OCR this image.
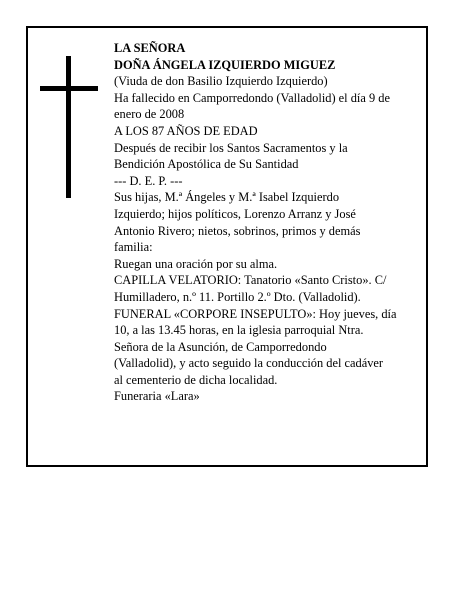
LA SEÑORA
DOÑA ÁNGELA IZQUIERDO MIGUEZ
(Viuda de don Basilio Izquierdo Izquierdo)
Ha fallecido en Camporredondo (Valladolid) el día 9 de
enero de 2008
A LOS 87 AÑOS DE EDAD
Después de recibir los Santos Sacramentos y la
Bendición Apostólica de Su Santidad
--- D. E. P. ---
Sus hijas, M.ª Ángeles y M.ª Isabel Izquierdo
Izquierdo; hijos políticos, Lorenzo Arranz y José
Antonio Rivero; nietos, sobrinos, primos y demás
familia:
Ruegan una oración por su alma.
CAPILLA VELATORIO: Tanatorio «Santo Cristo». C/
Humilladero, n.º 11. Portillo 2.º Dto. (Valladolid).
FUNERAL «CORPORE INSEPULTO»: Hoy jueves, día
10, a las 13.45 horas, en la iglesia parroquial Ntra.
Señora de la Asunción, de Camporredondo
(Valladolid), y acto seguido la conducción del cadáver
al cementerio de dicha localidad.
Funeraria «Lara»
